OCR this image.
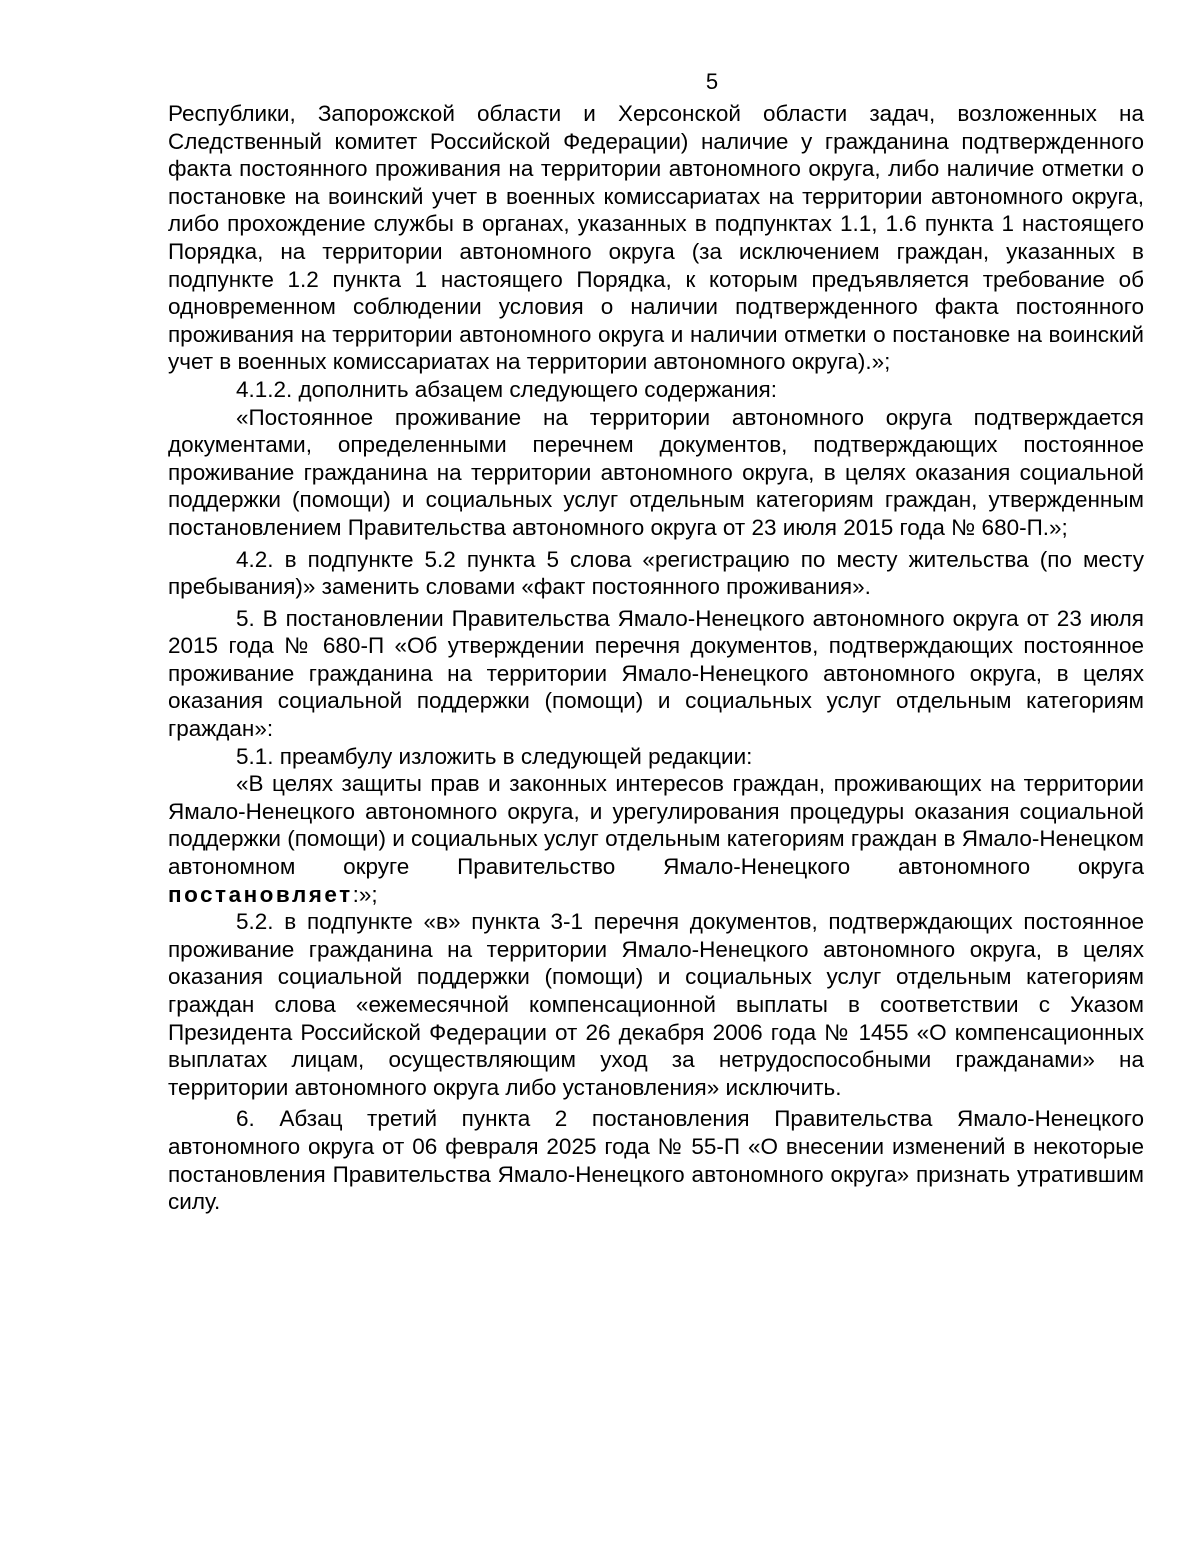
5

Республики, Запорожской области и Херсонской области задач, возложенных на Следственный комитет Российской Федерации) наличие у гражданина подтвержденного факта постоянного проживания на территории автономного округа, либо наличие отметки о постановке на воинский учет в военных комиссариатах на территории автономного округа, либо прохождение службы в органах, указанных в подпунктах 1.1, 1.6 пункта 1 настоящего Порядка, на территории автономного округа (за исключением граждан, указанных в подпункте 1.2 пункта 1 настоящего Порядка, к которым предъявляется требование об одновременном соблюдении условия о наличии подтвержденного факта постоянного проживания на территории автономного округа и наличии отметки о постановке на воинский учет в военных комиссариатах на территории автономного округа).»;

4.1.2. дополнить абзацем следующего содержания:

«Постоянное проживание на территории автономного округа подтверждается документами, определенными перечнем документов, подтверждающих постоянное проживание гражданина на территории автономного округа, в целях оказания социальной поддержки (помощи) и социальных услуг отдельным категориям граждан, утвержденным постановлением Правительства автономного округа от 23 июля 2015 года № 680-П.»;

4.2. в подпункте 5.2 пункта 5 слова «регистрацию по месту жительства (по месту пребывания)» заменить словами «факт постоянного проживания».

5. В постановлении Правительства Ямало-Ненецкого автономного округа от 23 июля 2015 года № 680-П «Об утверждении перечня документов, подтверждающих постоянное проживание гражданина на территории Ямало-Ненецкого автономного округа, в целях оказания социальной поддержки (помощи) и социальных услуг отдельным категориям граждан»:

5.1. преамбулу изложить в следующей редакции:

«В целях защиты прав и законных интересов граждан, проживающих на территории Ямало-Ненецкого автономного округа, и урегулирования процедуры оказания социальной поддержки (помощи) и социальных услуг отдельным категориям граждан в Ямало-Ненецком автономном округе Правительство Ямало-Ненецкого автономного округа постановляет:»;

5.2. в подпункте «в» пункта 3-1 перечня документов, подтверждающих постоянное проживание гражданина на территории Ямало-Ненецкого автономного округа, в целях оказания социальной поддержки (помощи) и социальных услуг отдельным категориям граждан слова «ежемесячной компенсационной выплаты в соответствии с Указом Президента Российской Федерации от 26 декабря 2006 года № 1455 «О компенсационных выплатах лицам, осуществляющим уход за нетрудоспособными гражданами» на территории автономного округа либо установления» исключить.

6. Абзац третий пункта 2 постановления Правительства Ямало-Ненецкого автономного округа от 06 февраля 2025 года № 55-П «О внесении изменений в некоторые постановления Правительства Ямало-Ненецкого автономного округа» признать утратившим силу.
